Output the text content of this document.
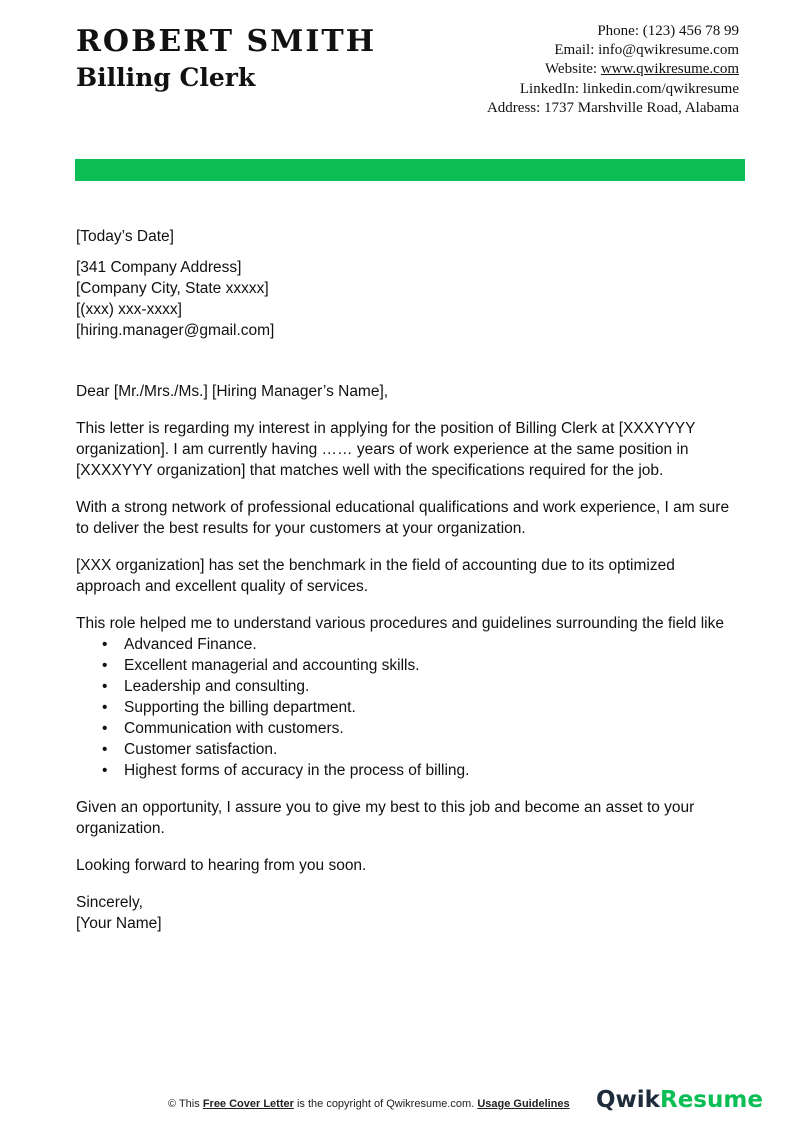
ROBERT SMITH
Billing Clerk
Phone: (123) 456 78 99
Email: info@qwikresume.com
Website: www.qwikresume.com
LinkedIn: linkedin.com/qwikresume
Address: 1737 Marshville Road, Alabama

[Today’s Date]

[341 Company Address]

[Company City, State xxxxx]

[(xxx) xxx-xxxx]

[hiring.manager@gmail.com]

Dear [Mr./Mrs./Ms.] [Hiring Manager’s Name],

This letter is regarding my interest in applying for the position of Billing Clerk at [XXXYYYY organization]. I am currently having …… years of work experience at the same position in [XXXXYYY organization] that matches well with the specifications required for the job.

With a strong network of professional educational qualifications and work experience, I am sure to deliver the best results for your customers at your organization.

[XXX organization] has set the benchmark in the field of accounting due to its optimized approach and excellent quality of services.

This role helped me to understand various procedures and guidelines surrounding the field like

• Advanced Finance.
• Excellent managerial and accounting skills.
• Leadership and consulting.
• Supporting the billing department.
• Communication with customers.
• Customer satisfaction.
• Highest forms of accuracy in the process of billing.

Given an opportunity, I assure you to give my best to this job and become an asset to your organization.

Looking forward to hearing from you soon.

Sincerely,

[Your Name]

© This Free Cover Letter is the copyright of Qwikresume.com. Usage Guidelines QwikResume
